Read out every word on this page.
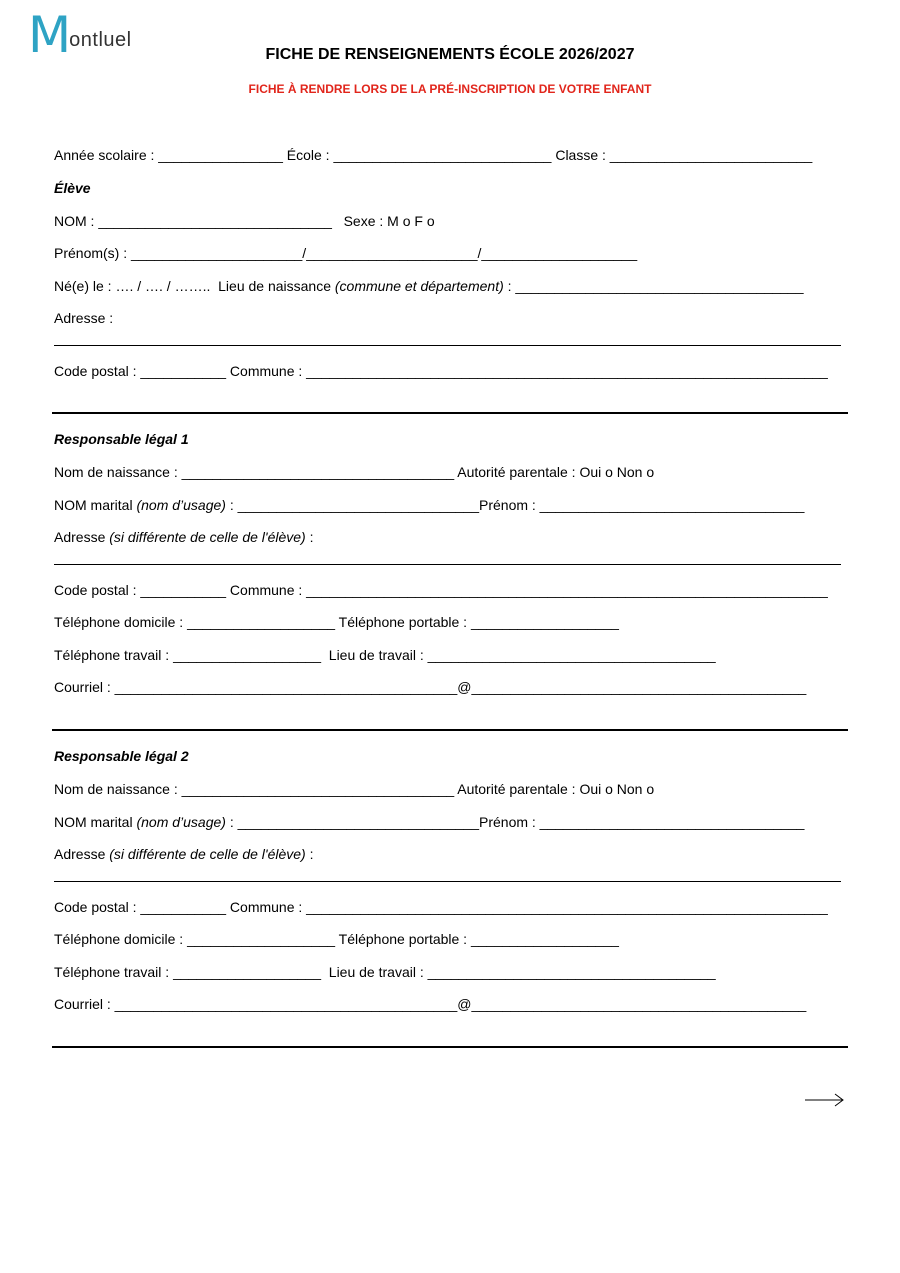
M
ontluel
FICHE DE RENSEIGNEMENTS ÉCOLE 2026/2027
FICHE À RENDRE LORS DE LA PRÉ-INSCRIPTION DE VOTRE ENFANT
Année scolaire : ________________ École : ____________________________ Classe : __________________________
Élève
NOM : ______________________________   Sexe : M ο F ο
Prénom(s) : ______________________/______________________/____________________
Né(e) le : …. / …. / ……..  Lieu de naissance (commune et département) : _____________________________________
Adresse :
Code postal : ___________ Commune : ___________________________________________________________________
Responsable légal 1
Nom de naissance : ___________________________________ Autorité parentale : Oui ο Non ο
NOM marital (nom d’usage) : _______________________________Prénom : __________________________________
Adresse (si différente de celle de l'élève) :
Code postal : ___________ Commune : ___________________________________________________________________
Téléphone domicile : ___________________ Téléphone portable : ___________________
Téléphone travail : ___________________  Lieu de travail : _____________________________________
Courriel : ____________________________________________@___________________________________________
Responsable légal 2
Nom de naissance : ___________________________________ Autorité parentale : Oui ο Non ο
NOM marital (nom d’usage) : _______________________________Prénom : __________________________________
Adresse (si différente de celle de l'élève) :
Code postal : ___________ Commune : ___________________________________________________________________
Téléphone domicile : ___________________ Téléphone portable : ___________________
Téléphone travail : ___________________  Lieu de travail : _____________________________________
Courriel : ____________________________________________@___________________________________________
